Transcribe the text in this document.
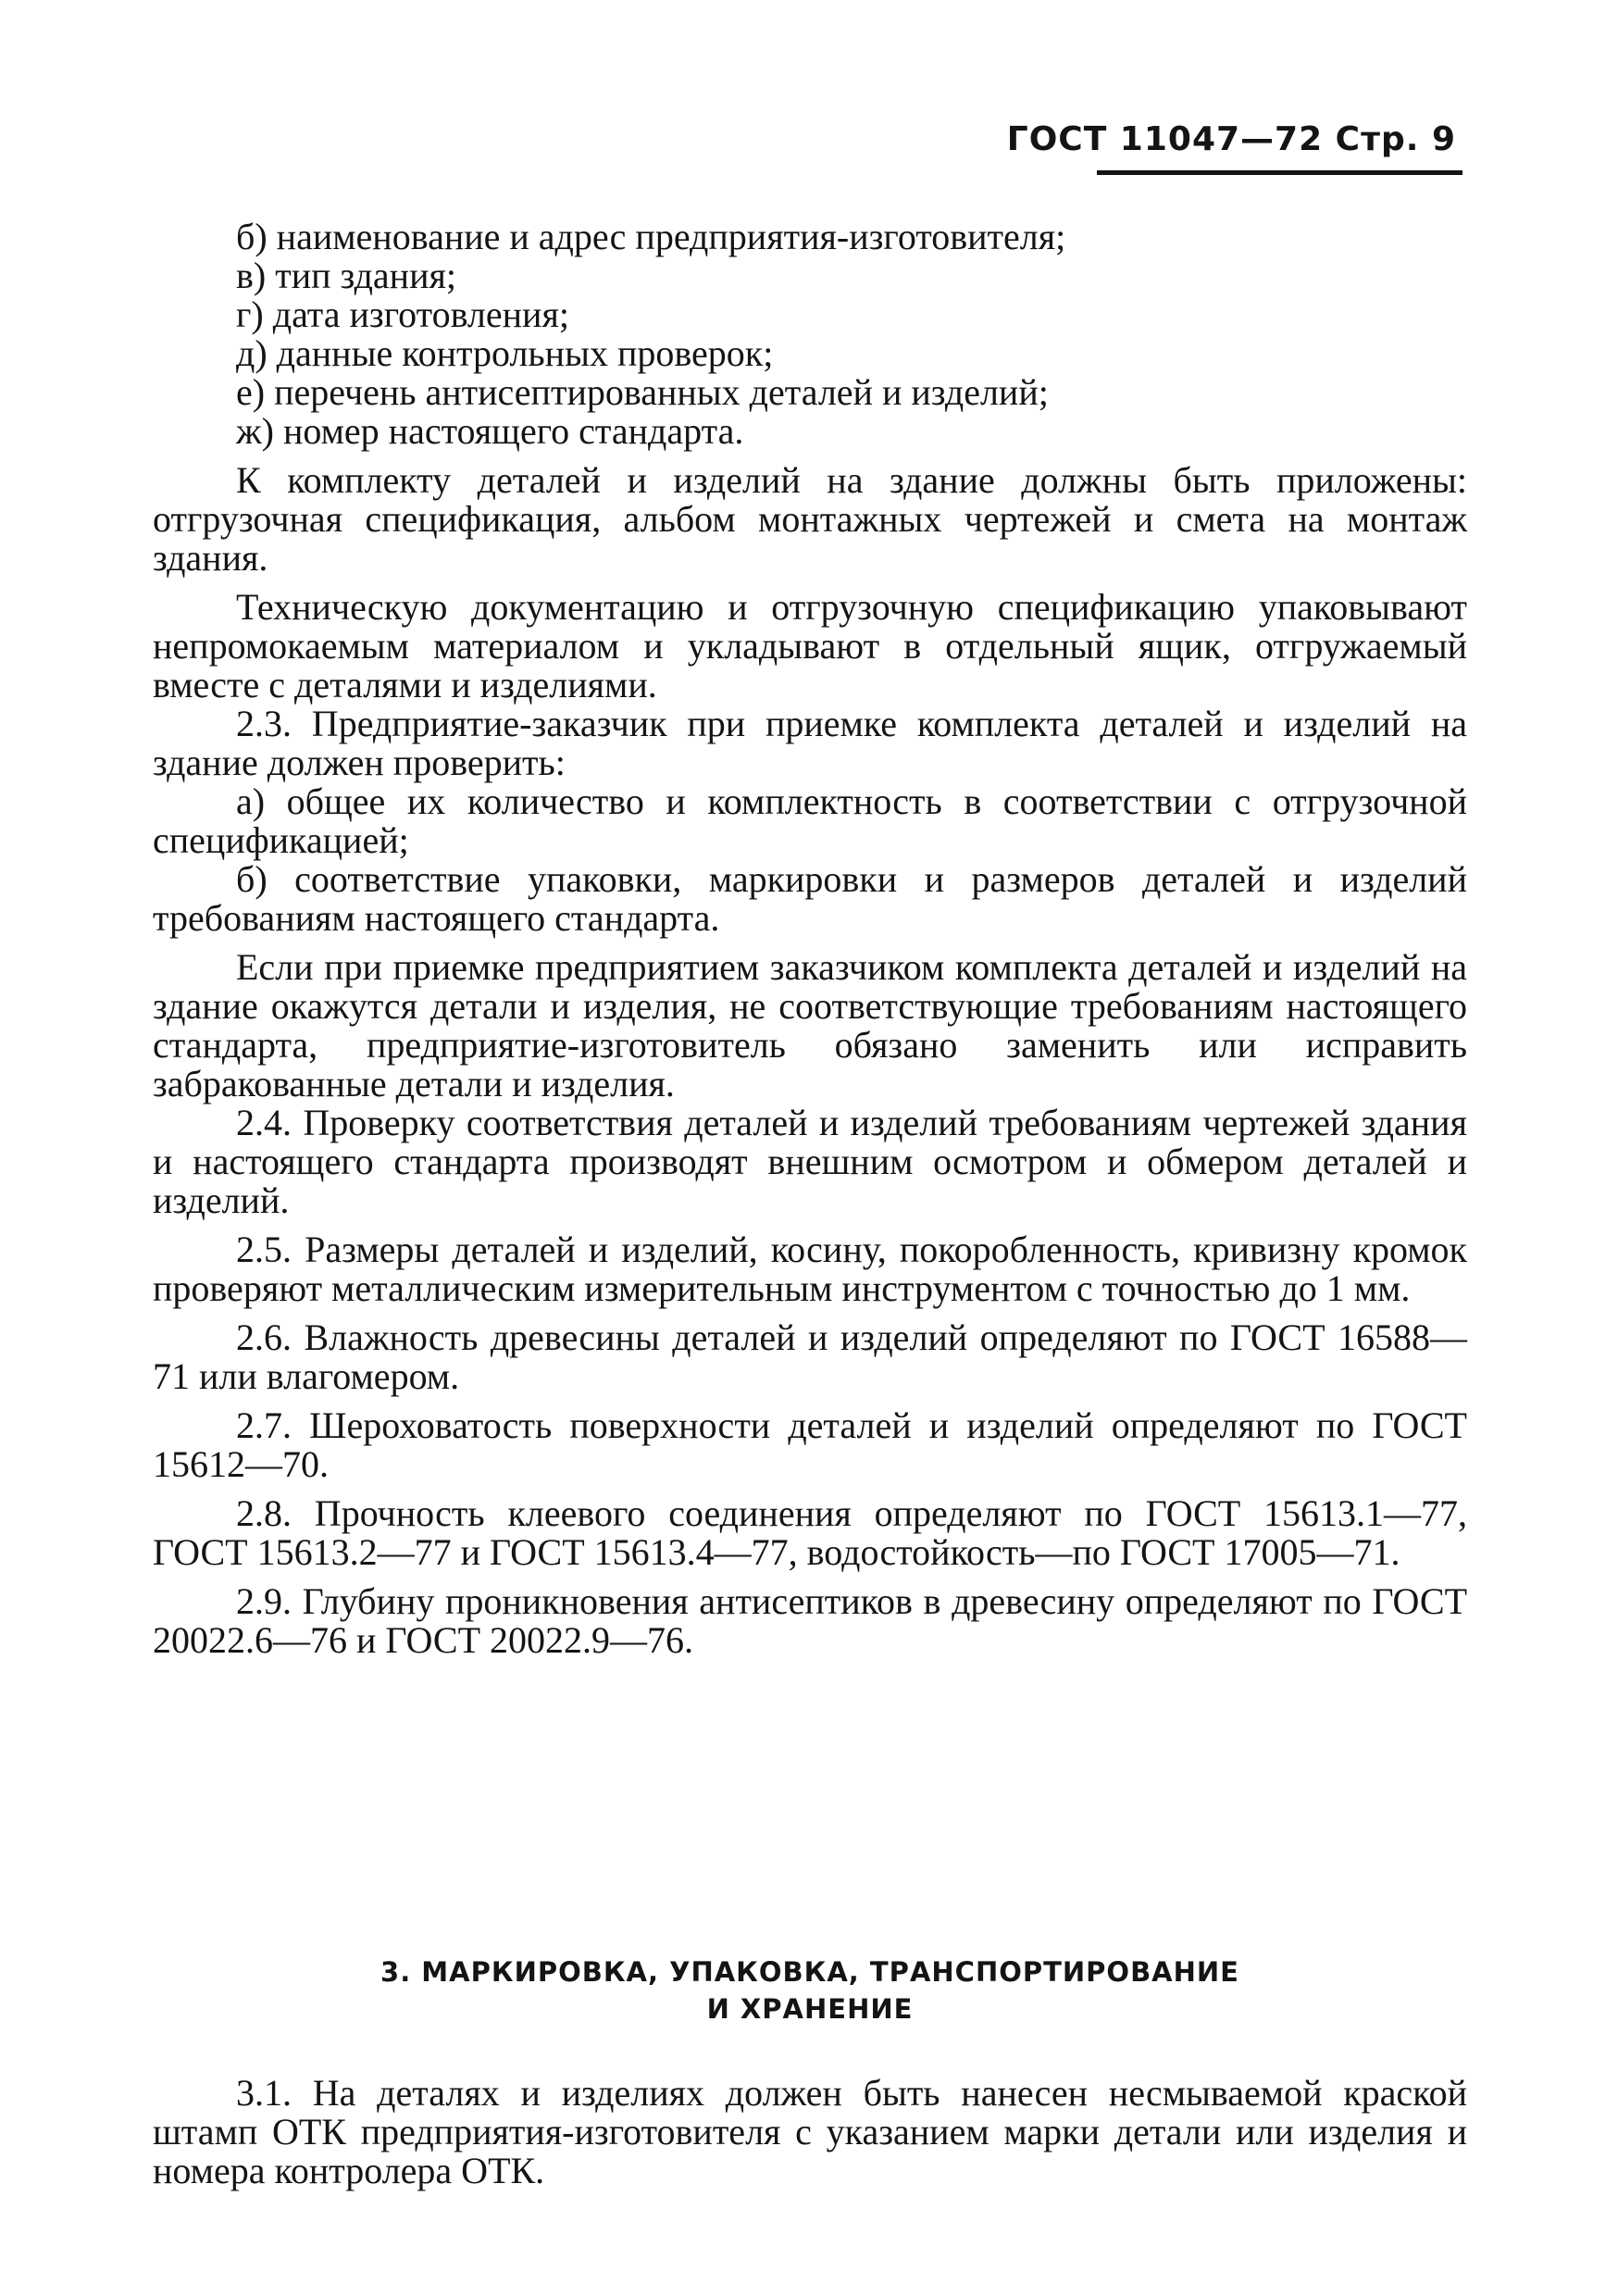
ГОСТ 11047—72 Стр. 9

б) наименование и адрес предприятия-изготовителя;

в) тип здания;

г) дата изготовления;

д) данные контрольных проверок;

е) перечень антисептированных деталей и изделий;

ж) номер настоящего стандарта.

К комплекту деталей и изделий на здание должны быть приложены: отгрузочная спецификация, альбом монтажных чертежей и смета на монтаж здания.

Техническую документацию и отгрузочную спецификацию упаковывают непромокаемым материалом и укладывают в отдельный ящик, отгружаемый вместе с деталями и изделиями.

2.3. Предприятие-заказчик при приемке комплекта деталей и изделий на здание должен проверить:

а) общее их количество и комплектность в соответствии с отгрузочной спецификацией;

б) соответствие упаковки, маркировки и размеров деталей и изделий требованиям настоящего стандарта.

Если при приемке предприятием заказчиком комплекта деталей и изделий на здание окажутся детали и изделия, не соответствующие требованиям настоящего стандарта, предприятие-изготовитель обязано заменить или исправить забракованные детали и изделия.

2.4. Проверку соответствия деталей и изделий требованиям чертежей здания и настоящего стандарта производят внешним осмотром и обмером деталей и изделий.

2.5. Размеры деталей и изделий, косину, покоробленность, кривизну кромок проверяют металлическим измерительным инструментом с точностью до 1 мм.

2.6. Влажность древесины деталей и изделий определяют по ГОСТ 16588—71 или влагомером.

2.7. Шероховатость поверхности деталей и изделий определяют по ГОСТ 15612—70.

2.8. Прочность клеевого соединения определяют по ГОСТ 15613.1—77, ГОСТ 15613.2—77 и ГОСТ 15613.4—77, водостойкость—по ГОСТ 17005—71.

2.9. Глубину проникновения антисептиков в древесину определяют по ГОСТ 20022.6—76 и ГОСТ 20022.9—76.

3. МАРКИРОВКА, УПАКОВКА, ТРАНСПОРТИРОВАНИЕ
И ХРАНЕНИЕ

3.1. На деталях и изделиях должен быть нанесен несмываемой краской штамп ОТК предприятия-изготовителя с указанием марки детали или изделия и номера контролера ОТК.
